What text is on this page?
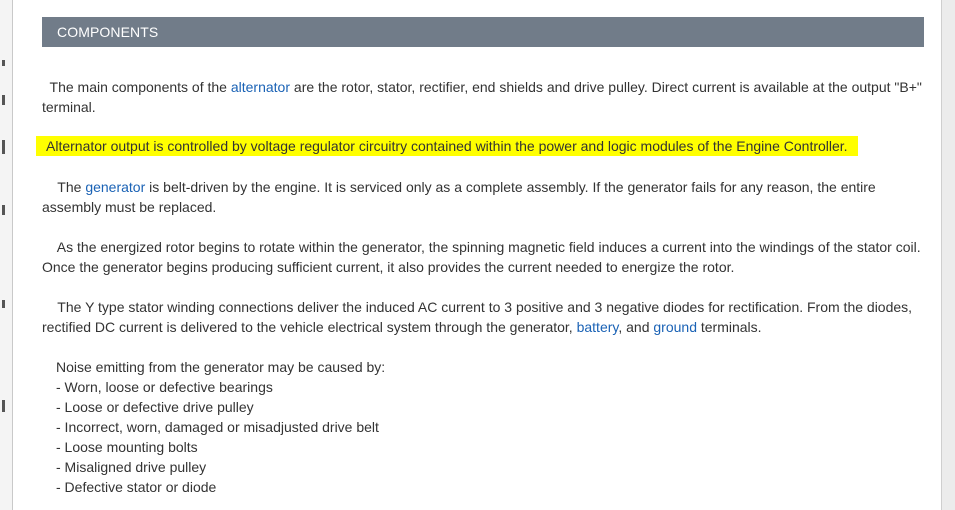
COMPONENTS

The main components of the alternator are the rotor, stator, rectifier, end shields and drive pulley. Direct current is available at the output "B+" terminal.

Alternator output is controlled by voltage regulator circuitry contained within the power and logic modules of the Engine Controller.

The generator is belt-driven by the engine. It is serviced only as a complete assembly. If the generator fails for any reason, the entire assembly must be replaced.

As the energized rotor begins to rotate within the generator, the spinning magnetic field induces a current into the windings of the stator coil. Once the generator begins producing sufficient current, it also provides the current needed to energize the rotor.

The Y type stator winding connections deliver the induced AC current to 3 positive and 3 negative diodes for rectification. From the diodes, rectified DC current is delivered to the vehicle electrical system through the generator, battery, and ground terminals.

Noise emitting from the generator may be caused by:

- Worn, loose or defective bearings
- Loose or defective drive pulley
- Incorrect, worn, damaged or misadjusted drive belt
- Loose mounting bolts
- Misaligned drive pulley
- Defective stator or diode
